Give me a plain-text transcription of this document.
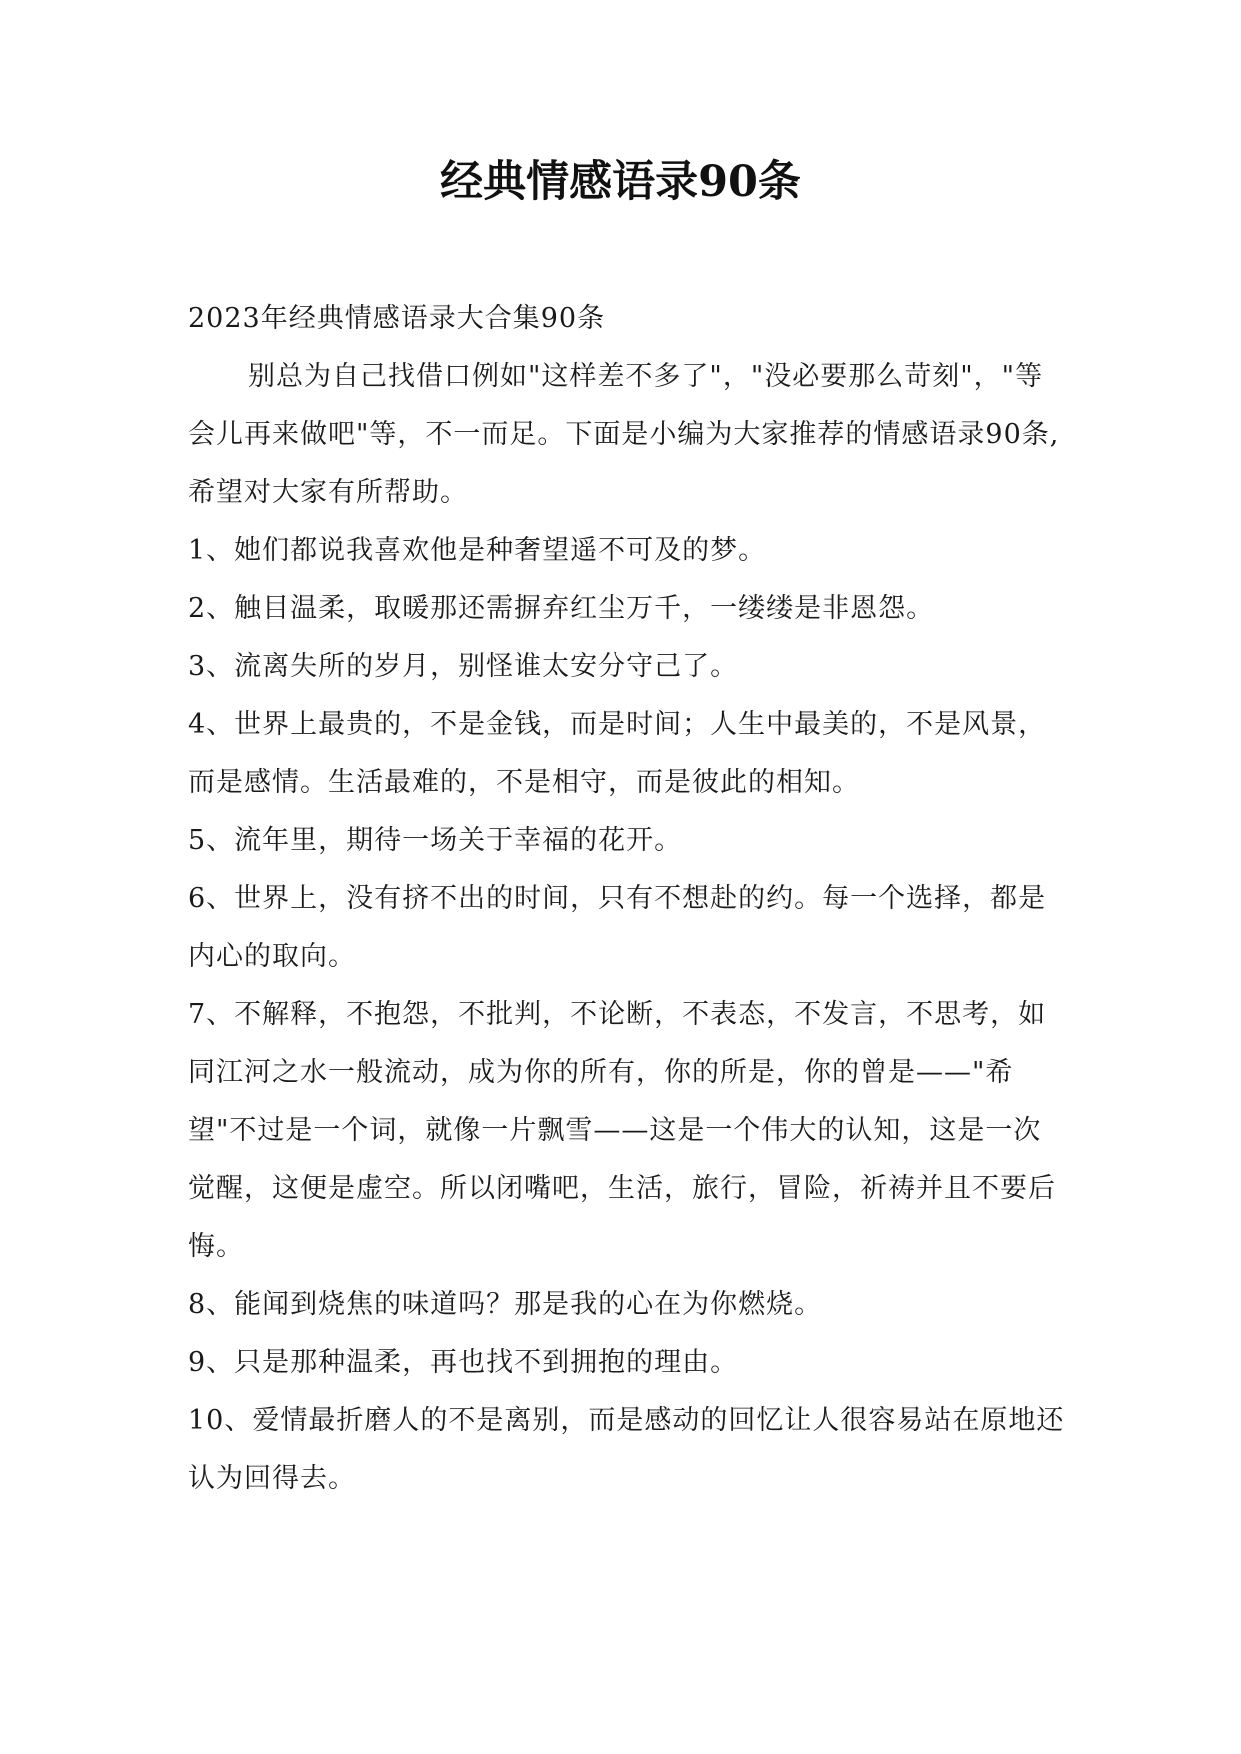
经典情感语录90条

2023年经典情感语录大合集90条

别总为自己找借口例如"这样差不多了"，"没必要那么苛刻"，"等会儿再来做吧"等，不一而足。下面是小编为大家推荐的情感语录90条,希望对大家有所帮助。

1、她们都说我喜欢他是种奢望遥不可及的梦。

2、触目温柔，取暖那还需摒弃红尘万千，一缕缕是非恩怨。

3、流离失所的岁月，别怪谁太安分守己了。

4、世界上最贵的，不是金钱，而是时间；人生中最美的，不是风景，而是感情。生活最难的，不是相守，而是彼此的相知。

5、流年里，期待一场关于幸福的花开。

6、世界上，没有挤不出的时间，只有不想赴的约。每一个选择，都是内心的取向。

7、不解释，不抱怨，不批判，不论断，不表态，不发言，不思考，如同江河之水一般流动，成为你的所有，你的所是，你的曾是——"希望"不过是一个词，就像一片飘雪——这是一个伟大的认知，这是一次觉醒，这便是虚空。所以闭嘴吧，生活，旅行，冒险，祈祷并且不要后悔。

8、能闻到烧焦的味道吗？那是我的心在为你燃烧。

9、只是那种温柔，再也找不到拥抱的理由。

10、爱情最折磨人的不是离别，而是感动的回忆让人很容易站在原地还认为回得去。
